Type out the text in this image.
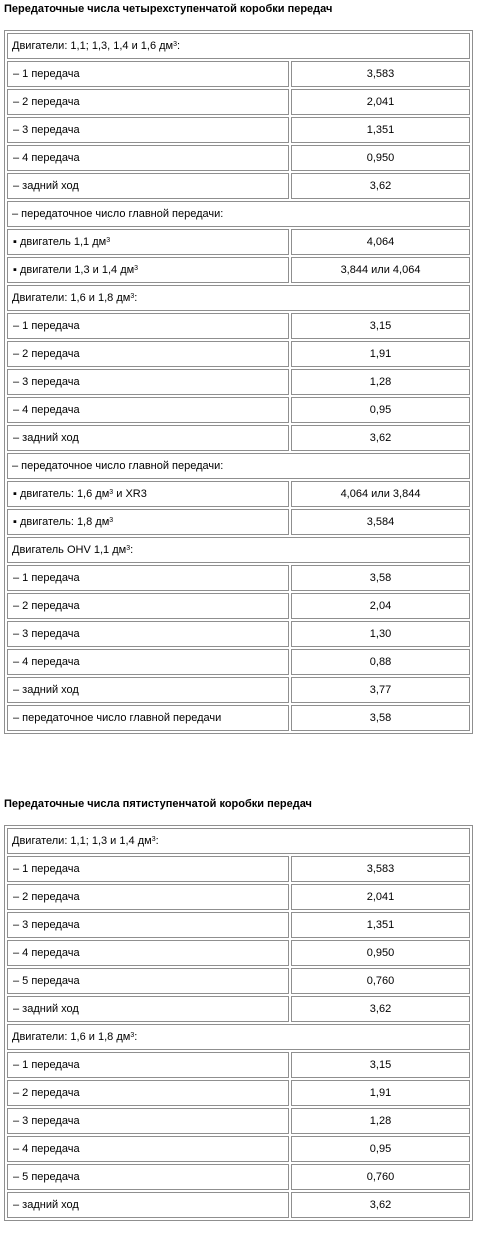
Передаточные числа четырехступенчатой коробки передач
Двигатели: 1,1; 1,3, 1,4 и 1,6 $дм^3$:	
– 1 передача	3,583
– 2 передача	2,041
– 3 передача	1,351
– 4 передача	0,950
– задний ход	3,62
– передаточное число главной передачи:	
▪ двигатель 1,1 $дм^3$	4,064
▪ двигатели 1,3 и 1,4 $дм^3$	3,844 или 4,064
Двигатели: 1,6 и 1,8 $дм^3$:	
– 1 передача	3,15
– 2 передача	1,91
– 3 передача	1,28
– 4 передача	0,95
– задний ход	3,62
– передаточное число главной передачи:	
▪ двигатель: 1,6 $дм^3$ и XR3	4,064 или 3,844
▪ двигатель: 1,8 $дм^3$	3,584
Двигатель OHV 1,1 $дм^3$:	
– 1 передача	3,58
– 2 передача	2,04
– 3 передача	1,30
– 4 передача	0,88
– задний ход	3,77
– передаточное число главной передачи	3,58
Передаточные числа пятиступенчатой коробки передач
Двигатели: 1,1; 1,3 и 1,4 $дм^3$:	
– 1 передача	3,583
– 2 передача	2,041
– 3 передача	1,351
– 4 передача	0,950
– 5 передача	0,760
– задний ход	3,62
Двигатели: 1,6 и 1,8 $дм^3$:	
– 1 передача	3,15
– 2 передача	1,91
– 3 передача	1,28
– 4 передача	0,95
– 5 передача	0,760
– задний ход	3,62
